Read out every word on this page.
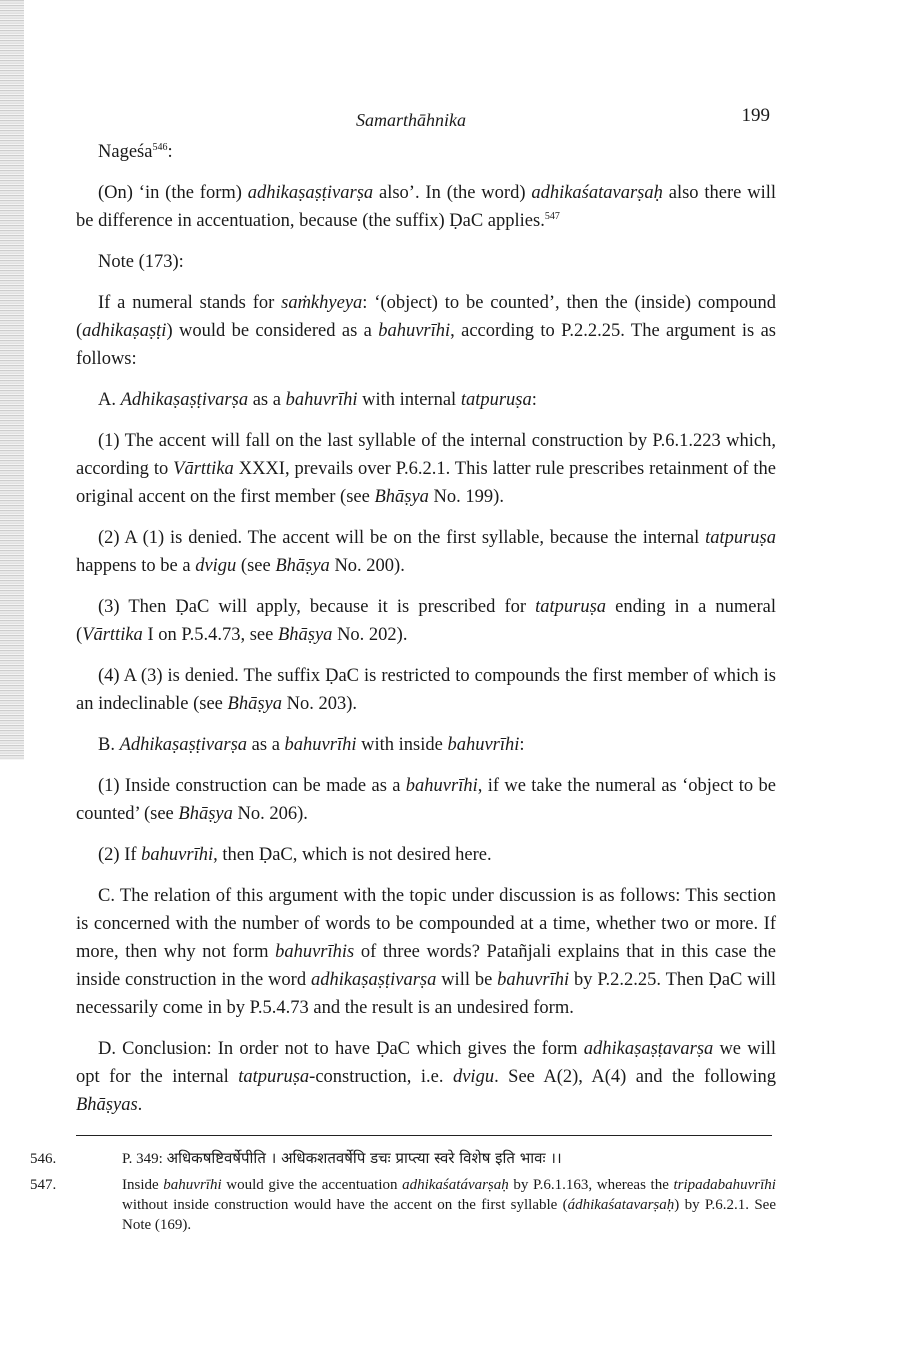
Samarthāhnika	199

Nageśa$^{546}$:

(On) ‘in (the form) adhikaṣaṣṭivarṣa also’. In (the word) adhikaśatavarṣaḥ also there will be difference in accentuation, because (the suffix) ḌaC applies.$^{547}$

Note (173):

If a numeral stands for saṁkhyeya: ‘(object) to be counted’, then the (inside) compound (adhikaṣaṣṭi) would be considered as a bahuvrīhi, according to P.2.2.25. The argument is as follows:

A. Adhikaṣaṣṭivarṣa as a bahuvrīhi with internal tatpuruṣa:

(1) The accent will fall on the last syllable of the internal construction by P.6.1.223 which, according to Vārttika XXXI, prevails over P.6.2.1. This latter rule prescribes retainment of the original accent on the first member (see Bhāṣya No. 199).

(2) A (1) is denied. The accent will be on the first syllable, because the internal tatpuruṣa happens to be a dvigu (see Bhāṣya No. 200).

(3) Then ḌaC will apply, because it is prescribed for tatpuruṣa ending in a numeral (Vārttika I on P.5.4.73, see Bhāṣya No. 202).

(4) A (3) is denied. The suffix ḌaC is restricted to compounds the first member of which is an indeclinable (see Bhāṣya No. 203).

B. Adhikaṣaṣṭivarṣa as a bahuvrīhi with inside bahuvrīhi:

(1) Inside construction can be made as a bahuvrīhi, if we take the numeral as ‘object to be counted’ (see Bhāṣya No. 206).

(2) If bahuvrīhi, then ḌaC, which is not desired here.

C. The relation of this argument with the topic under discussion is as follows: This section is concerned with the number of words to be compounded at a time, whether two or more. If more, then why not form bahuvrīhis of three words? Patañjali explains that in this case the inside construction in the word adhikaṣaṣṭivarṣa will be bahuvrīhi by P.2.2.25. Then ḌaC will necessarily come in by P.5.4.73 and the result is an undesired form.

D. Conclusion: In order not to have ḌaC which gives the form adhikaṣaṣṭavarṣa we will opt for the internal tatpuruṣa-construction, i.e. dvigu. See A(2), A(4) and the following Bhāṣyas.

546.	P. 349: अधिकषष्टिवर्षेपीति । अधिकशतवर्षेपि डचः प्राप्त्या स्वरे विशेष इति भावः ।।

547.	Inside bahuvrīhi would give the accentuation adhikaśatávarṣaḥ by P.6.1.163, whereas the tripadabahuvrīhi without inside construction would have the accent on the first syllable (ádhikaśatavarṣaḥ) by P.6.2.1. See Note (169).
